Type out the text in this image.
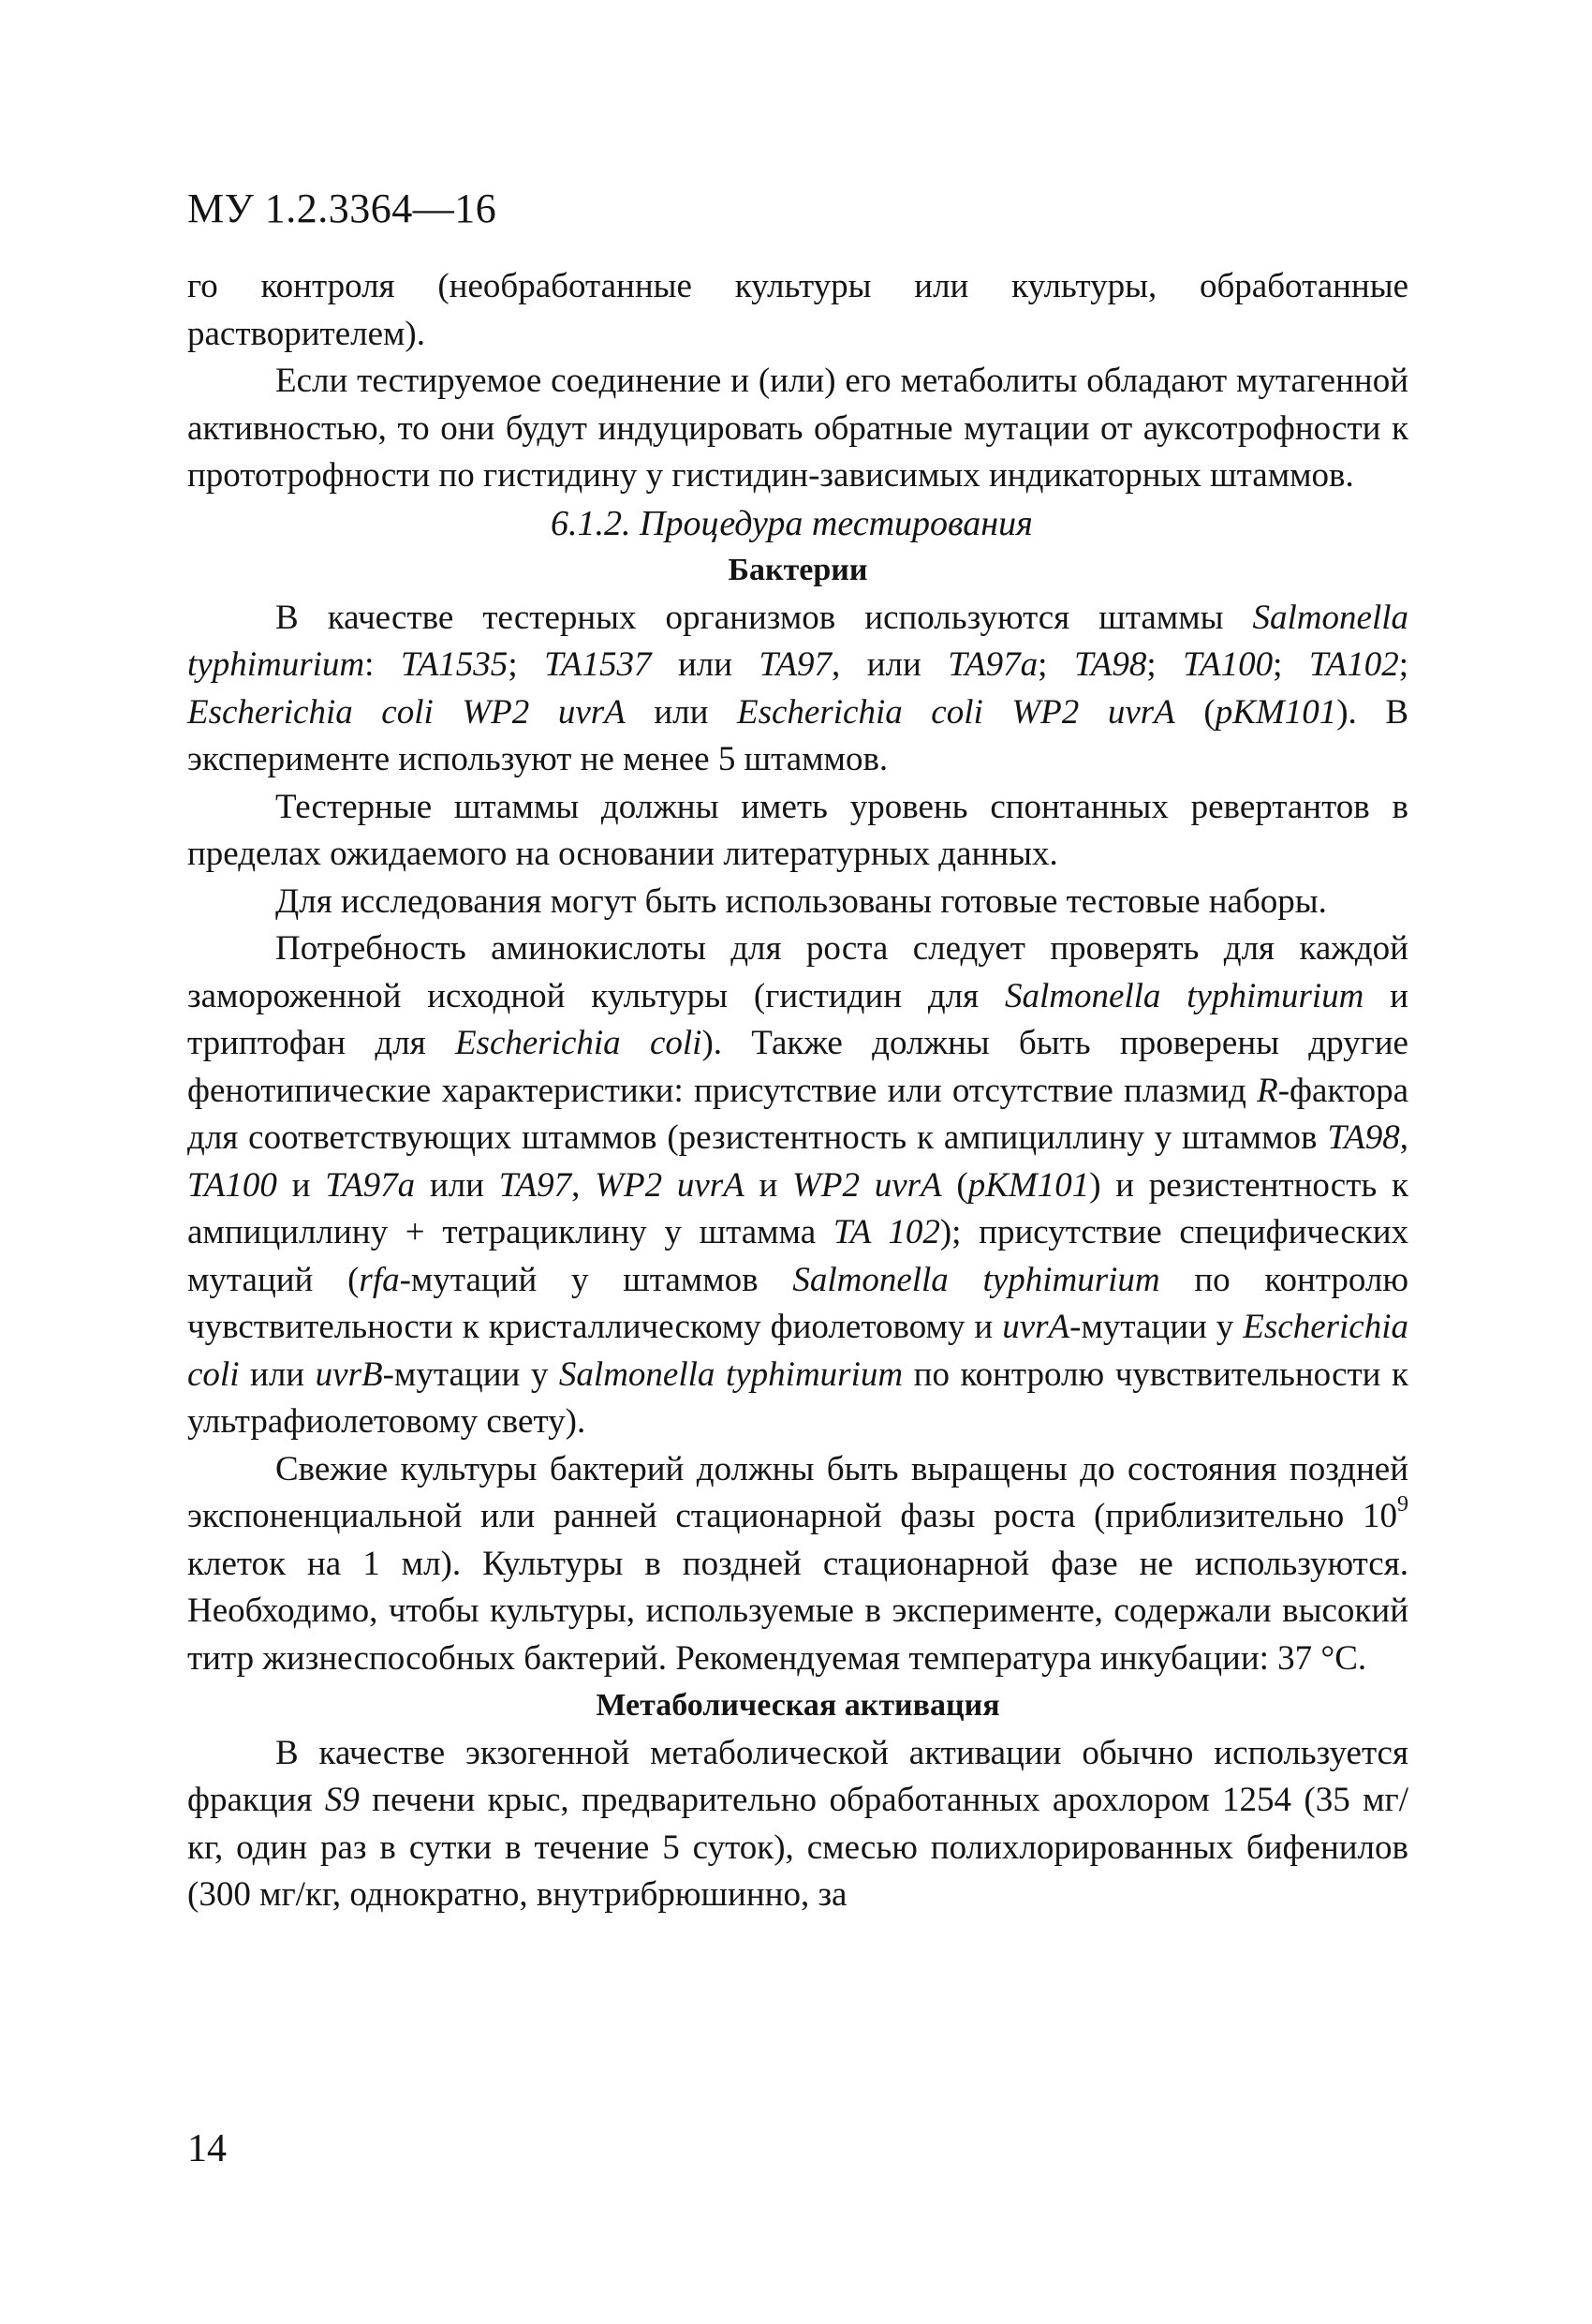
МУ 1.2.3364—16

го контроля (необработанные культуры или культуры, обработанные растворителем).

Если тестируемое соединение и (или) его метаболиты обладают мутагенной активностью, то они будут индуцировать обратные мутации от ауксотрофности к прототрофности по гистидину у гистидин-зависимых индикаторных штаммов.

6.1.2. Процедура тестирования

Бактерии

В качестве тестерных организмов используются штаммы Salmonella typhimurium: TA1535; TA1537 или TA97, или TA97a; TA98; TA100; TA102; Escherichia coli WP2 uvrA или Escherichia coli WP2 uvrA (pKM101). В эксперименте используют не менее 5 штаммов.

Тестерные штаммы должны иметь уровень спонтанных ревертантов в пределах ожидаемого на основании литературных данных.

Для исследования могут быть использованы готовые тестовые наборы.

Потребность аминокислоты для роста следует проверять для каждой замороженной исходной культуры (гистидин для Salmonella typhimurium и триптофан для Escherichia coli). Также должны быть проверены другие фенотипические характеристики: присутствие или отсутствие плазмид R-фактора для соответствующих штаммов (резистентность к ампициллину у штаммов TA98, TA100 и TA97a или TA97, WP2 uvrA и WP2 uvrA (pKM101) и резистентность к ампициллину + тетрациклину у штамма TA 102); присутствие специфических мутаций (rfa-мутаций у штаммов Salmonella typhimurium по контролю чувствительности к кристаллическому фиолетовому и uvrA-мутации у Escherichia coli или uvrB-мутации у Salmonella typhimurium по контролю чувствительности к ультрафиолетовому свету).

Свежие культуры бактерий должны быть выращены до состояния поздней экспоненциальной или ранней стационарной фазы роста (приблизительно $10^9$ клеток на 1 мл). Культуры в поздней стационарной фазе не используются. Необходимо, чтобы культуры, используемые в эксперименте, содержали высокий титр жизнеспособных бактерий. Рекомендуемая температура инкубации: 37 °С.

Метаболическая активация

В качестве экзогенной метаболической активации обычно используется фракция S9 печени крыс, предварительно обработанных арохлором 1254 (35 мг/кг, один раз в сутки в течение 5 суток), смесью полихлорированных бифенилов (300 мг/кг, однократно, внутрибрюшинно, за

14
